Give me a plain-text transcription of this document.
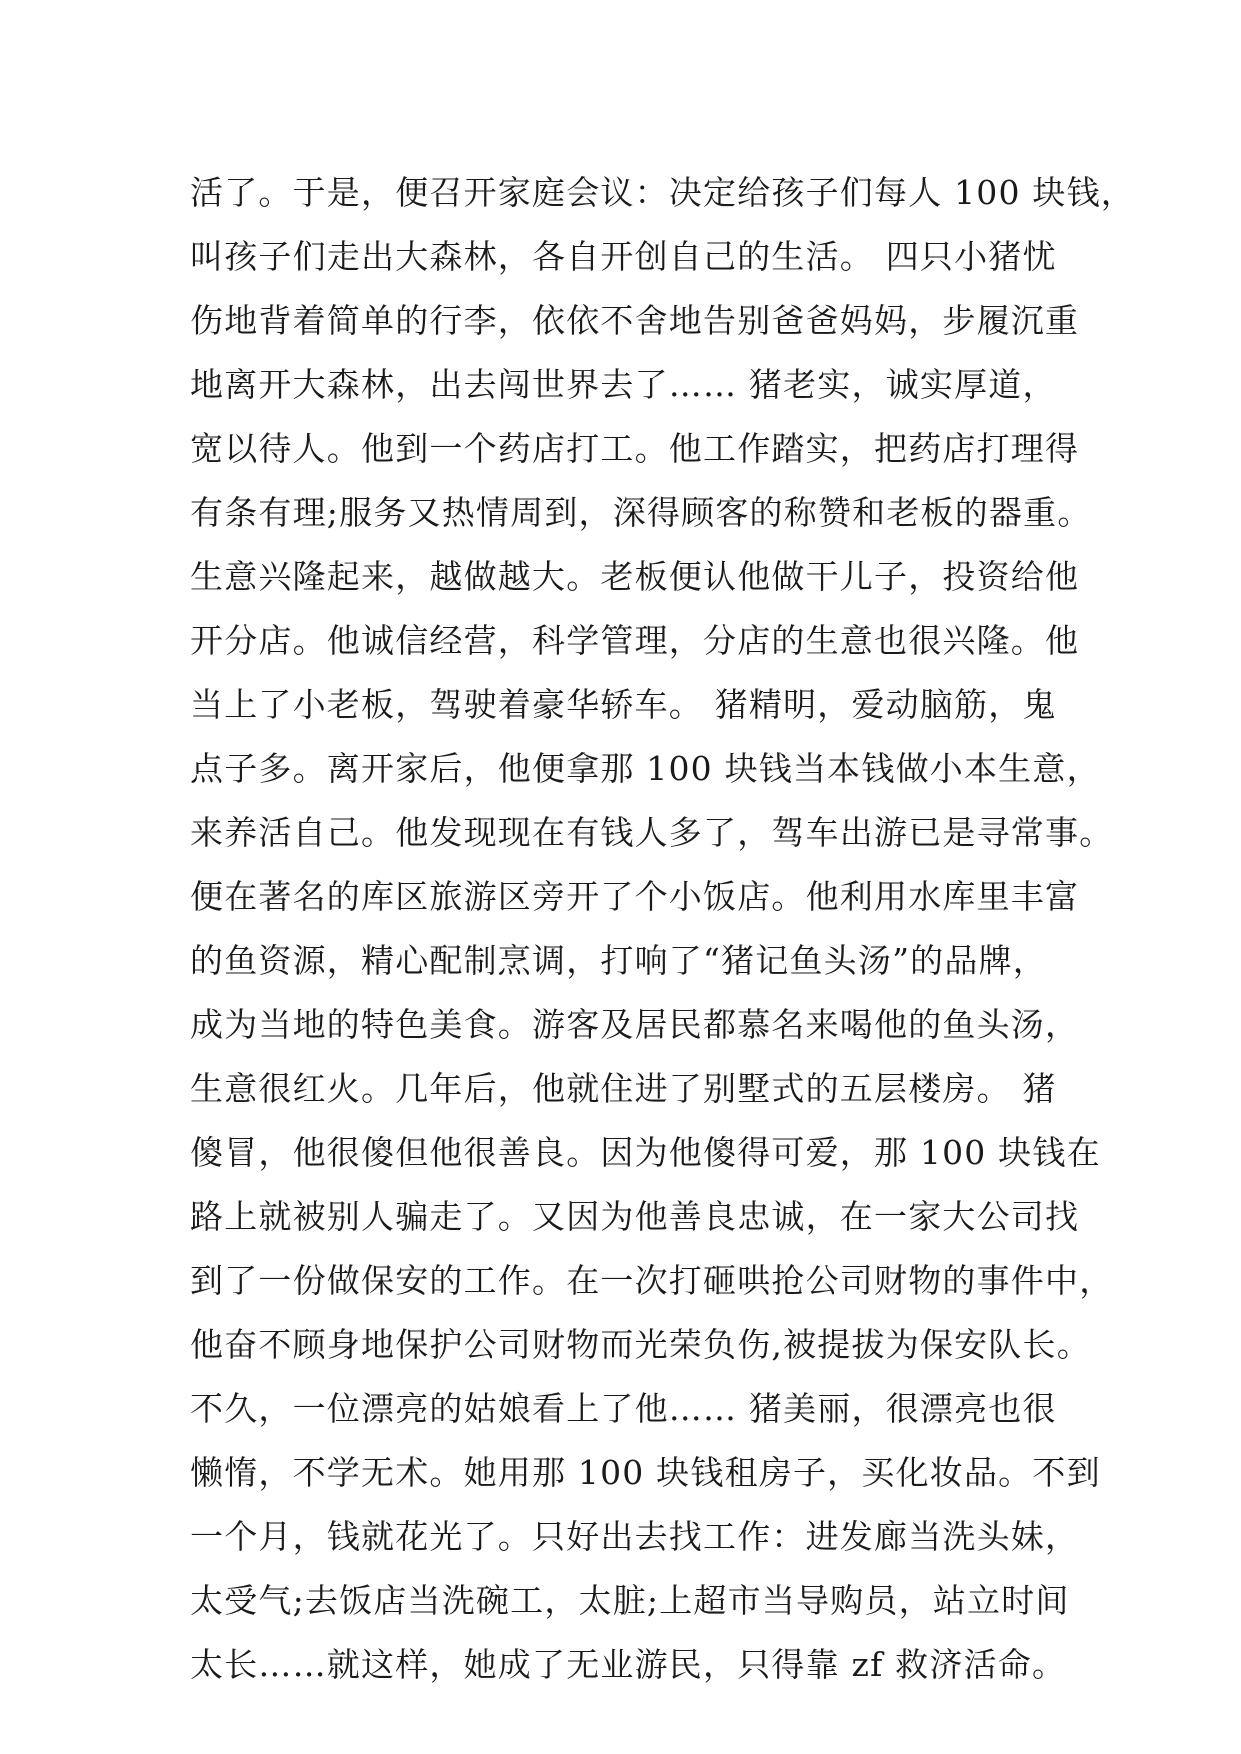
活了。于是，便召开家庭会议：决定给孩子们每人 100 块钱，
叫孩子们走出大森林，各自开创自己的生活。 四只小猪忧
伤地背着简单的行李，依依不舍地告别爸爸妈妈，步履沉重
地离开大森林，出去闯世界去了…… 猪老实，诚实厚道，
宽以待人。他到一个药店打工。他工作踏实，把药店打理得
有条有理;服务又热情周到，深得顾客的称赞和老板的器重。
生意兴隆起来，越做越大。老板便认他做干儿子，投资给他
开分店。他诚信经营，科学管理，分店的生意也很兴隆。他
当上了小老板，驾驶着豪华轿车。 猪精明，爱动脑筋，鬼
点子多。离开家后，他便拿那 100 块钱当本钱做小本生意，
来养活自己。他发现现在有钱人多了，驾车出游已是寻常事。
便在著名的库区旅游区旁开了个小饭店。他利用水库里丰富
的鱼资源，精心配制烹调，打响了“猪记鱼头汤”的品牌，
成为当地的特色美食。游客及居民都慕名来喝他的鱼头汤，
生意很红火。几年后，他就住进了别墅式的五层楼房。 猪
傻冒，他很傻但他很善良。因为他傻得可爱，那 100 块钱在
路上就被别人骗走了。又因为他善良忠诚，在一家大公司找
到了一份做保安的工作。在一次打砸哄抢公司财物的事件中，
他奋不顾身地保护公司财物而光荣负伤,被提拔为保安队长。
不久，一位漂亮的姑娘看上了他…… 猪美丽，很漂亮也很
懒惰，不学无术。她用那 100 块钱租房子，买化妆品。不到
一个月，钱就花光了。只好出去找工作：进发廊当洗头妹，
太受气;去饭店当洗碗工，太脏;上超市当导购员，站立时间
太长……就这样，她成了无业游民，只得靠 zf 救济活命。
